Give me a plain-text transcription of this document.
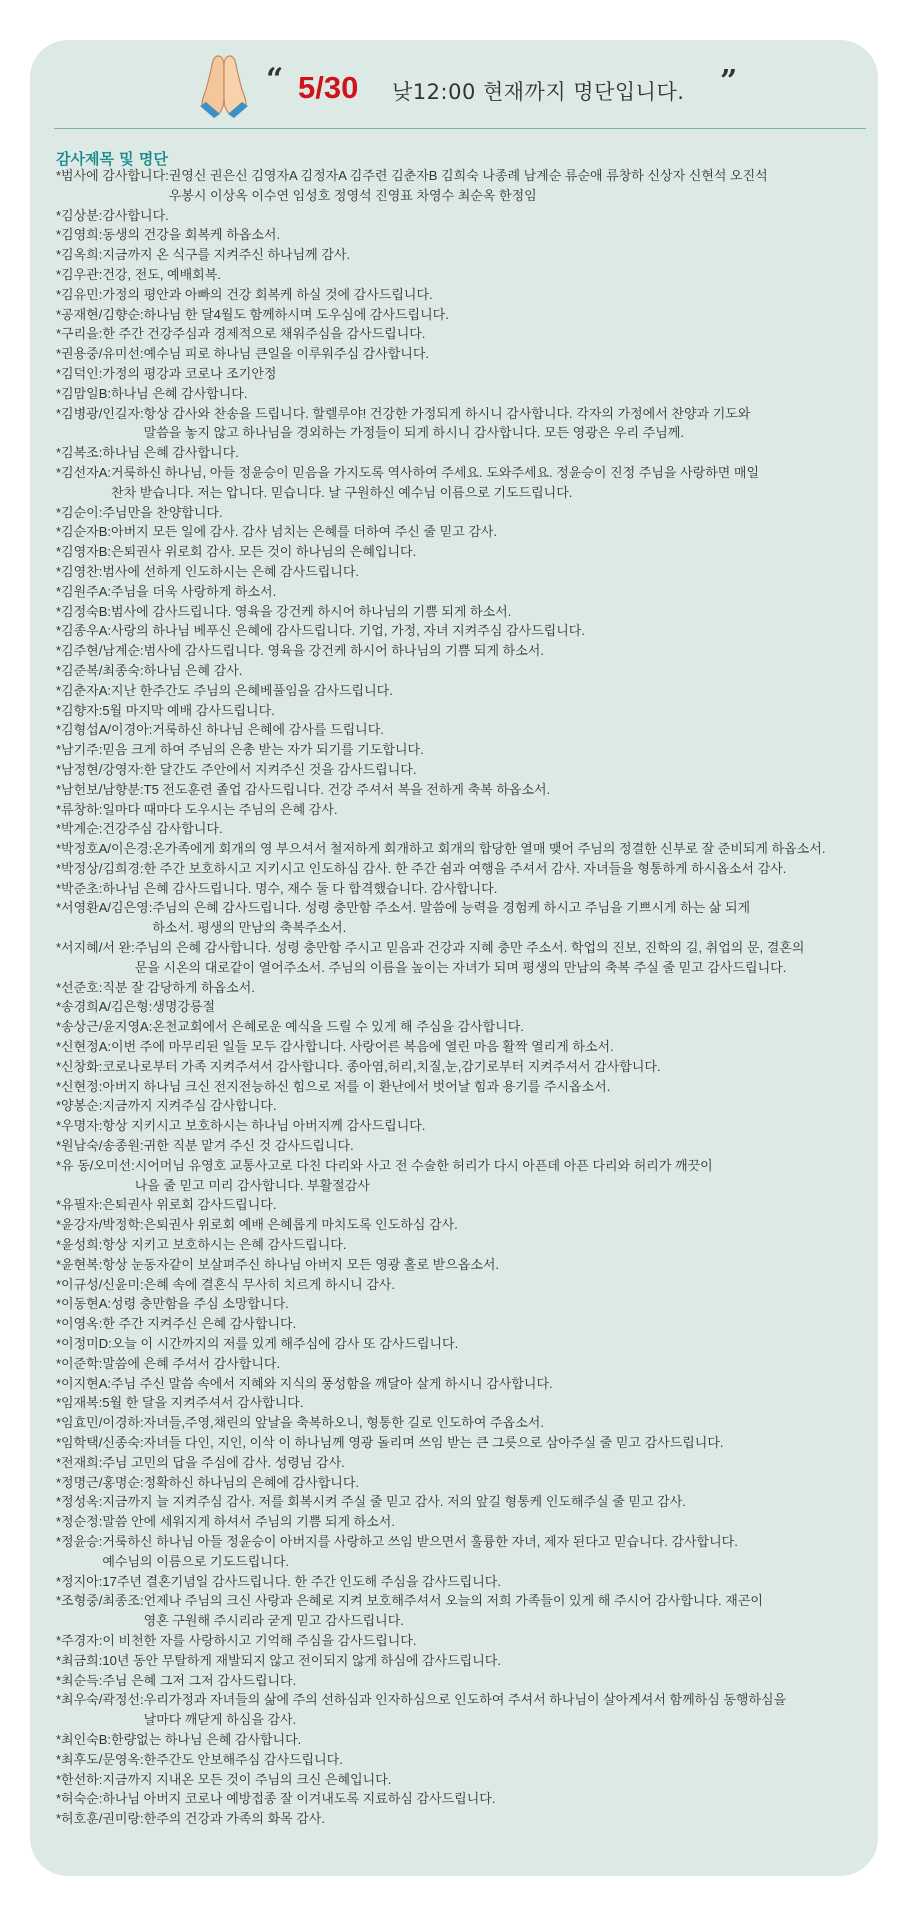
“ 5/30 낮12:00 현재까지 명단입니다. ”
감사제목 및 명단
*범사에 감사합니다: 권영신 권은신 김영자A 김정자A 김주련 김춘자B 김희숙 나종례 남계순 류순애 류창하 신상자 신현석 오진석
우봉시 이상옥 이수연 임성호 정영석 진영표 차영수 최순옥 한정임
*김상분: 감사합니다.
*김영희: 동생의 건강을 회복케 하옵소서.
*김옥희: 지금까지 온 식구를 지켜주신 하나님께 감사.
*김우관: 건강, 전도, 예배회복.
*김유민: 가정의 평안과 아빠의 건강 회복케 하실 것에 감사드립니다.
*공재현/김향순: 하나님 한 달4월도 함께하시며 도우심에 감사드립니다.
*구리을: 한 주간 건강주심과 경제적으로 채워주심을 감사드립니다.
*권용중/유미선: 예수님 피로 하나님 큰일을 이루워주심 감사합니다.
*김덕인: 가정의 평강과 코로나 조기안정
*김맘일B: 하나님 은혜 감사합니다.
*김병광/인길자: 항상 감사와 찬송을 드립니다. 할렐루야! 건강한 가정되게 하시니 감사합니다. 각자의 가정에서 찬양과 기도와
말씀을 놓지 않고 하나님을 경외하는 가정들이 되게 하시니 감사합니다. 모든 영광은 우리 주님께.
*김복조: 하나님 은혜 감사합니다.
*김선자A: 거룩하신 하나님, 아들 정윤승이 믿음을 가지도록 역사하여 주세요. 도와주세요. 정윤승이 진정 주님을 사랑하면 매일
찬차 받습니다. 저는 압니다. 믿습니다. 날 구원하신 예수님 이름으로 기도드립니다.
*김순이: 주님만을 찬양합니다.
*김순자B: 아버지 모든 일에 감사. 감사 넘치는 은혜를 더하여 주신 줄 믿고 감사.
*김영자B: 은퇴권사 위로회 감사. 모든 것이 하나님의 은혜입니다.
*김영찬: 범사에 선하게 인도하시는 은혜 감사드립니다.
*김원주A: 주님을 더욱 사랑하게 하소서.
*김정숙B: 범사에 감사드립니다. 영육을 강건케 하시어 하나님의 기쁨 되게 하소서.
*김종우A: 사랑의 하나님 베푸신 은혜에 감사드립니다. 기업, 가정, 자녀 지켜주심 감사드립니다.
*김주현/남계순: 범사에 감사드립니다. 영육을 강건케 하시어 하나님의 기쁨 되게 하소서.
*김준복/최종숙: 하나님 은혜 감사.
*김춘자A: 지난 한주간도 주님의 은혜베풀임을 감사드립니다.
*김향자: 5월 마지막 예배 감사드립니다.
*김형섭A/이경아: 거룩하신 하나님 은혜에 감사를 드립니다.
*남기주: 믿음 크게 하여 주님의 은총 받는 자가 되기를 기도합니다.
*남정현/강영자: 한 달간도 주안에서 지켜주신 것을 감사드립니다.
*남헌보/남향분: T5 전도훈련 졸업 감사드립니다. 건강 주셔서 복을 전하게 축복 하옵소서.
*류창하: 일마다 때마다 도우시는 주님의 은혜 감사.
*박계순: 건강주심 감사합니다.
*박정호A/이은경: 온가족에게 회개의 영 부으셔서 철저하게 회개하고 회개의 합당한 열매 맺어 주님의 정결한 신부로 잘 준비되게 하옵소서.
*박정상/김희경: 한 주간 보호하시고 지키시고 인도하심 감사. 한 주간 쉼과 여행을 주셔서 감사. 자녀들을 형통하게 하시옵소서 감사.
*박준초: 하나님 은혜 감사드립니다. 명수, 재수 둘 다 합격했습니다. 감사합니다.
*서영환A/김은영: 주님의 은혜 감사드립니다. 성령 충만함 주소서. 말씀에 능력을 경험케 하시고 주님을 기쁘시게 하는 삶 되게
하소서. 평생의 만남의 축복주소서.
*서지혜/서 완: 주님의 은혜 감사합니다. 성령 충만함 주시고 믿음과 건강과 지혜 충만 주소서. 학업의 진보, 진학의 길, 취업의 문, 결혼의
문을 시온의 대로같이 열어주소서. 주님의 이름을 높이는 자녀가 되며 평생의 만남의 축복 주실 줄 믿고 감사드립니다.
*선준호: 직분 잘 감당하게 하옵소서.
*송경희A/김은형: 생명강릉절
*송상근/윤지영A: 온천교회에서 은혜로운 예식을 드릴 수 있게 해 주심을 감사합니다.
*신현정A: 이번 주에 마무리된 일들 모두 감사합니다. 사랑어른 복음에 열린 마음 활짝 열리게 하소서.
*신창화: 코로나로부터 가족 지켜주셔서 감사합니다. 종아염,허리,치질,눈,감기로부터 지켜주셔서 감사합니다.
*신현정: 아버지 하나님 크신 전지전능하신 힘으로 저를 이 환난에서 벗어날 힘과 용기를 주시옵소서.
*양봉순: 지금까지 지켜주심 감사합니다.
*우명자: 항상 지키시고 보호하시는 하나님 아버지께 감사드립니다.
*원남숙/송종원: 귀한 직분 맡겨 주신 것 감사드립니다.
*유 동/오미선: 시어머님 유영호 교통사고로 다친 다리와 사고 전 수술한 허리가 다시 아픈데 아픈 다리와 허리가 깨끗이
나을 줄 믿고 미리 감사합니다. 부활절감사
*유필자: 은퇴권사 위로회 감사드립니다.
*윤강자/박정학: 은퇴권사 위로회 예배 은혜롭게 마치도록 인도하심 감사.
*윤성희: 항상 지키고 보호하시는 은혜 감사드립니다.
*윤현복: 항상 눈동자같이 보살펴주신 하나님 아버지 모든 영광 홀로 받으옵소서.
*이규성/신윤미: 은혜 속에 결혼식 무사히 치르게 하시니 감사.
*이동현A: 성령 충만함을 주심 소망합니다.
*이영옥: 한 주간 지켜주신 은혜 감사합니다.
*이정미D: 오늘 이 시간까지의 저를 있게 해주심에 감사 또 감사드립니다.
*이준학: 말씀에 은혜 주셔서 감사합니다.
*이지현A: 주님 주신 말씀 속에서 지혜와 지식의 풍성함을 깨달아 살게 하시니 감사합니다.
*임재복: 5월 한 달을 지켜주셔서 감사합니다.
*임효민/이경하: 자녀들,주영,채린의 앞날을 축복하오니, 형통한 길로 인도하여 주옵소서.
*임학택/신종숙: 자녀들 다인, 지인, 이삭 이 하나님께 영광 돌리며 쓰임 받는 큰 그릇으로 삼아주실 줄 믿고 감사드립니다.
*전재희: 주님 고민의 답을 주심에 감사. 성령님 감사.
*정명근/홍명순: 정확하신 하나님의 은혜에 감사합니다.
*정성옥: 지금까지 늘 지켜주심 감사. 저를 회복시켜 주실 줄 믿고 감사. 저의 앞길 형통케 인도해주실 줄 믿고 감사.
*정순정: 말씀 안에 세워지게 하셔서 주님의 기쁨 되게 하소서.
*정윤승: 거룩하신 하나님 아들 정윤승이 아버지를 사랑하고 쓰임 받으면서 훌륭한 자녀, 제자 된다고 믿습니다. 감사합니다.
예수님의 이름으로 기도드립니다.
*정지아: 17주년 결혼기념일 감사드립니다. 한 주간 인도해 주심을 감사드립니다.
*조형중/최종조: 언제나 주님의 크신 사랑과 은혜로 지켜 보호해주셔서 오늘의 저희 가족들이 있게 해 주시어 감사합니다. 재곤이
영혼 구원해 주시리라 굳게 믿고 감사드립니다.
*주경자: 이 비천한 자를 사랑하시고 기억해 주심을 감사드립니다.
*최금희: 10년 동안 무탈하게 재발되지 않고 전이되지 않게 하심에 감사드립니다.
*최순득: 주님 은혜 그저 그저 감사드립니다.
*최우숙/곽정선: 우리가정과 자녀들의 삶에 주의 선하심과 인자하심으로 인도하여 주셔서 하나님이 살아계셔서 함께하심 동행하심을
날마다 깨닫게 하심을 감사.
*최인숙B: 한량없는 하나님 은혜 감사합니다.
*최후도/문영옥: 한주간도 안보해주심 감사드립니다.
*한선하: 지금까지 지내온 모든 것이 주님의 크신 은혜입니다.
*허숙순: 하나님 아버지 코로나 예방접종 잘 이겨내도록 지료하심 감사드립니다.
*허호훈/권미랑: 한주의 건강과 가족의 화목 감사.
